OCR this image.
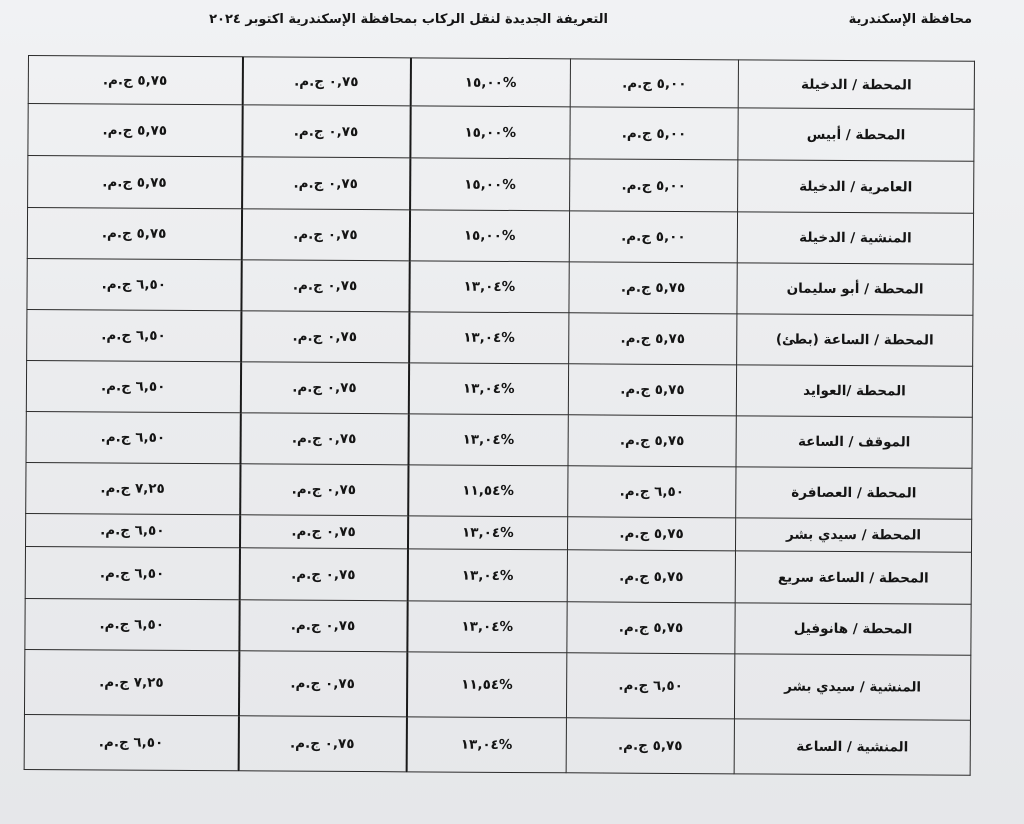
محافظة الإسكندرية
التعريفة الجديدة لنقل الركاب بمحافظة الإسكندرية اكتوبر ٢٠٢٤
٥,٧٥ ج.م.	٠,٧٥ ج.م.	%١٥,٠٠	٥,٠٠ ج.م.	المحطة / الدخيلة
٥,٧٥ ج.م.	٠,٧٥ ج.م.	%١٥,٠٠	٥,٠٠ ج.م.	المحطة / أبيس
٥,٧٥ ج.م.	٠,٧٥ ج.م.	%١٥,٠٠	٥,٠٠ ج.م.	العامرية / الدخيلة
٥,٧٥ ج.م.	٠,٧٥ ج.م.	%١٥,٠٠	٥,٠٠ ج.م.	المنشية / الدخيلة
٦,٥٠ ج.م.	٠,٧٥ ج.م.	%١٣,٠٤	٥,٧٥ ج.م.	المحطة / أبو سليمان
٦,٥٠ ج.م.	٠,٧٥ ج.م.	%١٣,٠٤	٥,٧٥ ج.م.	المحطة / الساعة (بطئ)
٦,٥٠ ج.م.	٠,٧٥ ج.م.	%١٣,٠٤	٥,٧٥ ج.م.	المحطة /العوايد
٦,٥٠ ج.م.	٠,٧٥ ج.م.	%١٣,٠٤	٥,٧٥ ج.م.	الموقف / الساعة
٧,٢٥ ج.م.	٠,٧٥ ج.م.	%١١,٥٤	٦,٥٠ ج.م.	المحطة / العصافرة
٦,٥٠ ج.م.	٠,٧٥ ج.م.	%١٣,٠٤	٥,٧٥ ج.م.	المحطة / سيدي بشر
٦,٥٠ ج.م.	٠,٧٥ ج.م.	%١٣,٠٤	٥,٧٥ ج.م.	المحطة / الساعة سريع
٦,٥٠ ج.م.	٠,٧٥ ج.م.	%١٣,٠٤	٥,٧٥ ج.م.	المحطة / هانوفيل
٧,٢٥ ج.م.	٠,٧٥ ج.م.	%١١,٥٤	٦,٥٠ ج.م.	المنشية / سيدي بشر
٦,٥٠ ج.م.	٠,٧٥ ج.م.	%١٣,٠٤	٥,٧٥ ج.م.	المنشية / الساعة
